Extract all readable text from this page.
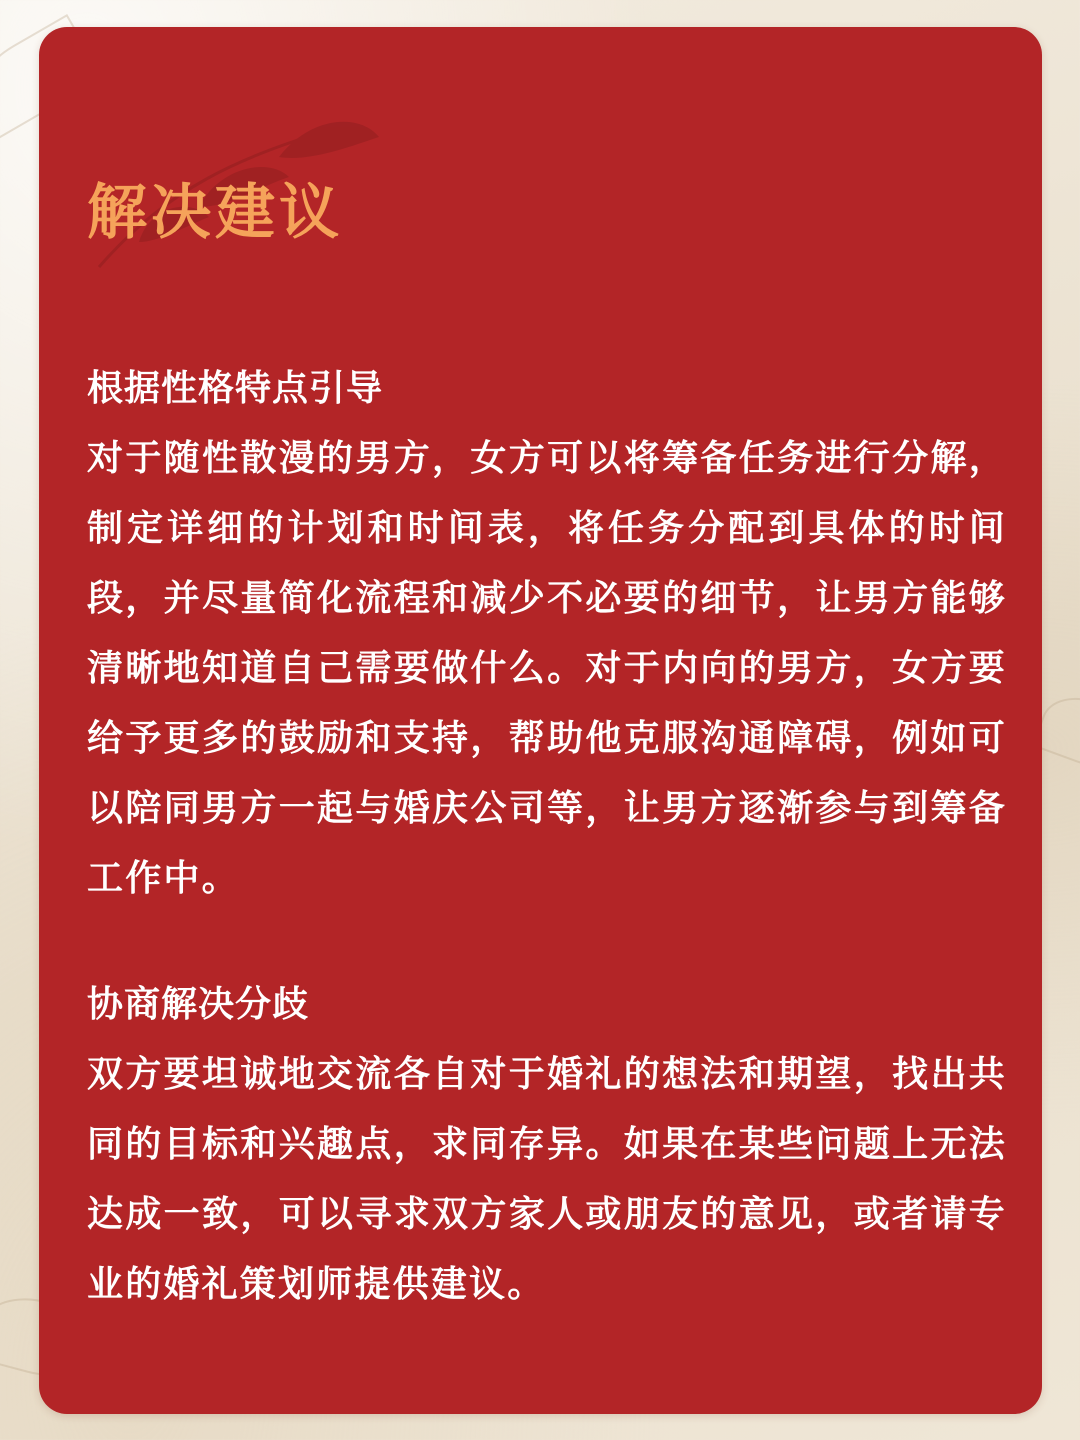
解决建议
根据性格特点引导

对于随性散漫的男方，女方可以将筹备任务进行分解，制定详细的计划和时间表，将任务分配到具体的时间段，并尽量简化流程和减少不必要的细节，让男方能够清晰地知道自己需要做什么。对于内向的男方，女方要给予更多的鼓励和支持，帮助他克服沟通障碍，例如可以陪同男方一起与婚庆公司等，让男方逐渐参与到筹备工作中。

协商解决分歧

双方要坦诚地交流各自对于婚礼的想法和期望，找出共同的目标和兴趣点，求同存异。如果在某些问题上无法达成一致，可以寻求双方家人或朋友的意见，或者请专业的婚礼策划师提供建议。
